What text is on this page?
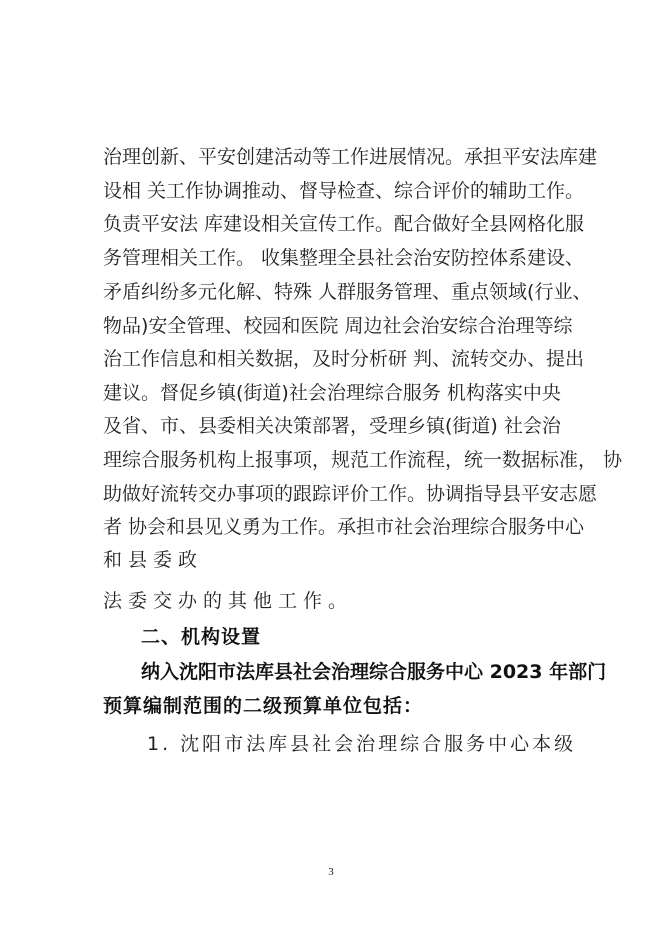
治理创新、平安创建活动等工作进展情况。承担平安法库建
设相 关工作协调推动、督导检查、综合评价的辅助工作。
负责平安法 库建设相关宣传工作。配合做好全县网格化服
务管理相关工作。 收集整理全县社会治安防控体系建设、
矛盾纠纷多元化解、特殊 人群服务管理、重点领域(行业、
物品)安全管理、校园和医院 周边社会治安综合治理等综
治工作信息和相关数据，及时分析研 判、流转交办、提出
建议。督促乡镇(街道)社会治理综合服务 机构落实中央
及省、市、县委相关决策部署，受理乡镇(街道) 社会治
理综合服务机构上报事项，规范工作流程，统一数据标准， 协
助做好流转交办事项的跟踪评价工作。协调指导县平安志愿
者 协会和县见义勇为工作。承担市社会治理综合服务中心
和县委政
法委交办的其他工作。
二、机构设置
纳入沈阳市法库县社会治理综合服务中心 2023 年部门
预算编制范围的二级预算单位包括：
1. 沈阳市法库县社会治理综合服务中心本级
3
